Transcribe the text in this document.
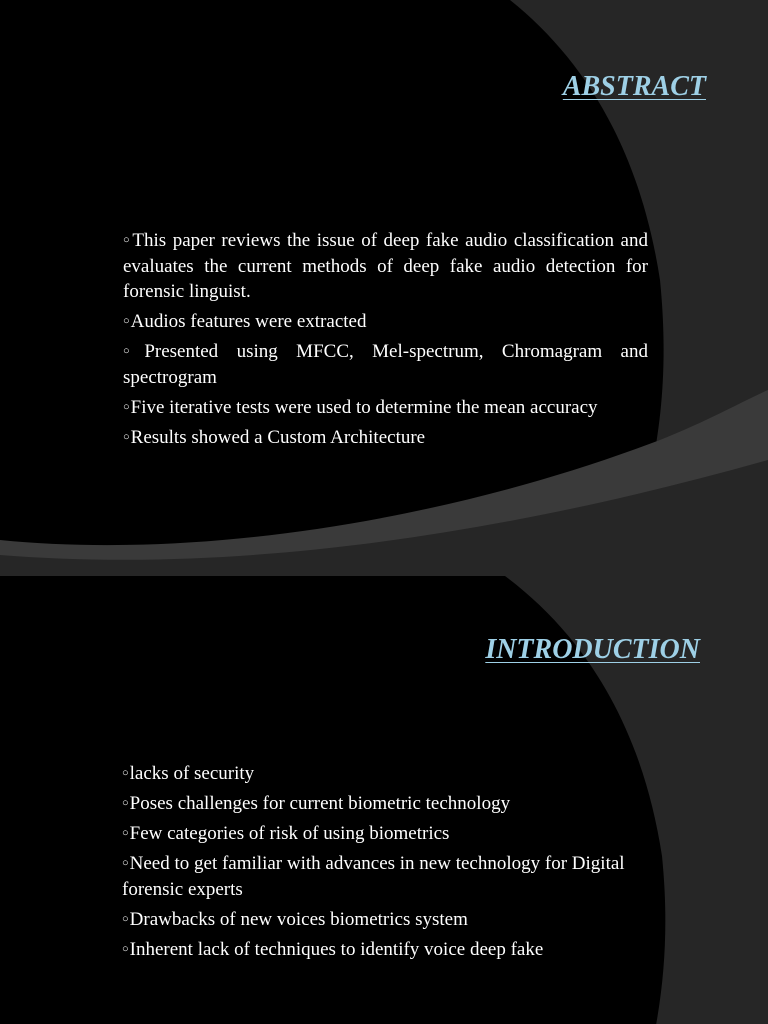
ABSTRACT
○This paper reviews the issue of deep fake audio classification and evaluates the current methods of deep fake audio detection for forensic linguist.
○Audios features were extracted
○Presented using MFCC, Mel-spectrum, Chromagram and spectrogram
○Five iterative tests were used to determine the mean accuracy
○Results showed a Custom Architecture
INTRODUCTION
○lacks of security
○Poses challenges for current biometric technology
○Few categories of risk of using biometrics
○Need to get familiar with advances in new technology for Digital forensic experts
○Drawbacks of new voices biometrics system
○Inherent lack of techniques to identify voice deep fake
